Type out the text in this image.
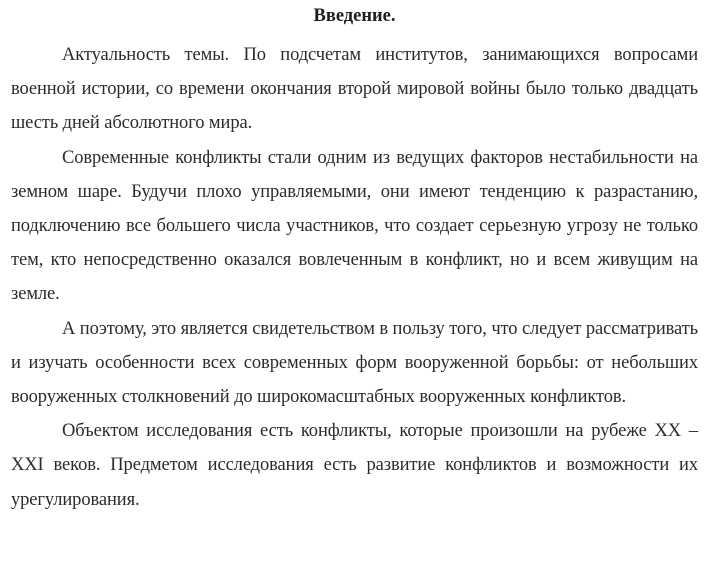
Введение.

Актуальность темы. По подсчетам институтов, занимающихся вопросами военной истории, со времени окончания второй мировой войны было только двадцать шесть дней абсолютного мира.

Современные конфликты стали одним из ведущих факторов нестабильности на земном шаре. Будучи плохо управляемыми, они имеют тенденцию к разрастанию, подключению все большего числа участников, что создает серьезную угрозу не только тем, кто непосредственно оказался вовлеченным в конфликт, но и всем живущим на земле.

А поэтому, это является свидетельством в пользу того, что следует рассматривать и изучать особенности всех современных форм вооруженной борьбы: от небольших вооруженных столкновений до широкомасштабных вооруженных конфликтов.

Объектом исследования есть конфликты, которые произошли на рубеже XX – XXI веков. Предметом исследования есть развитие конфликтов и возможности их урегулирования.
